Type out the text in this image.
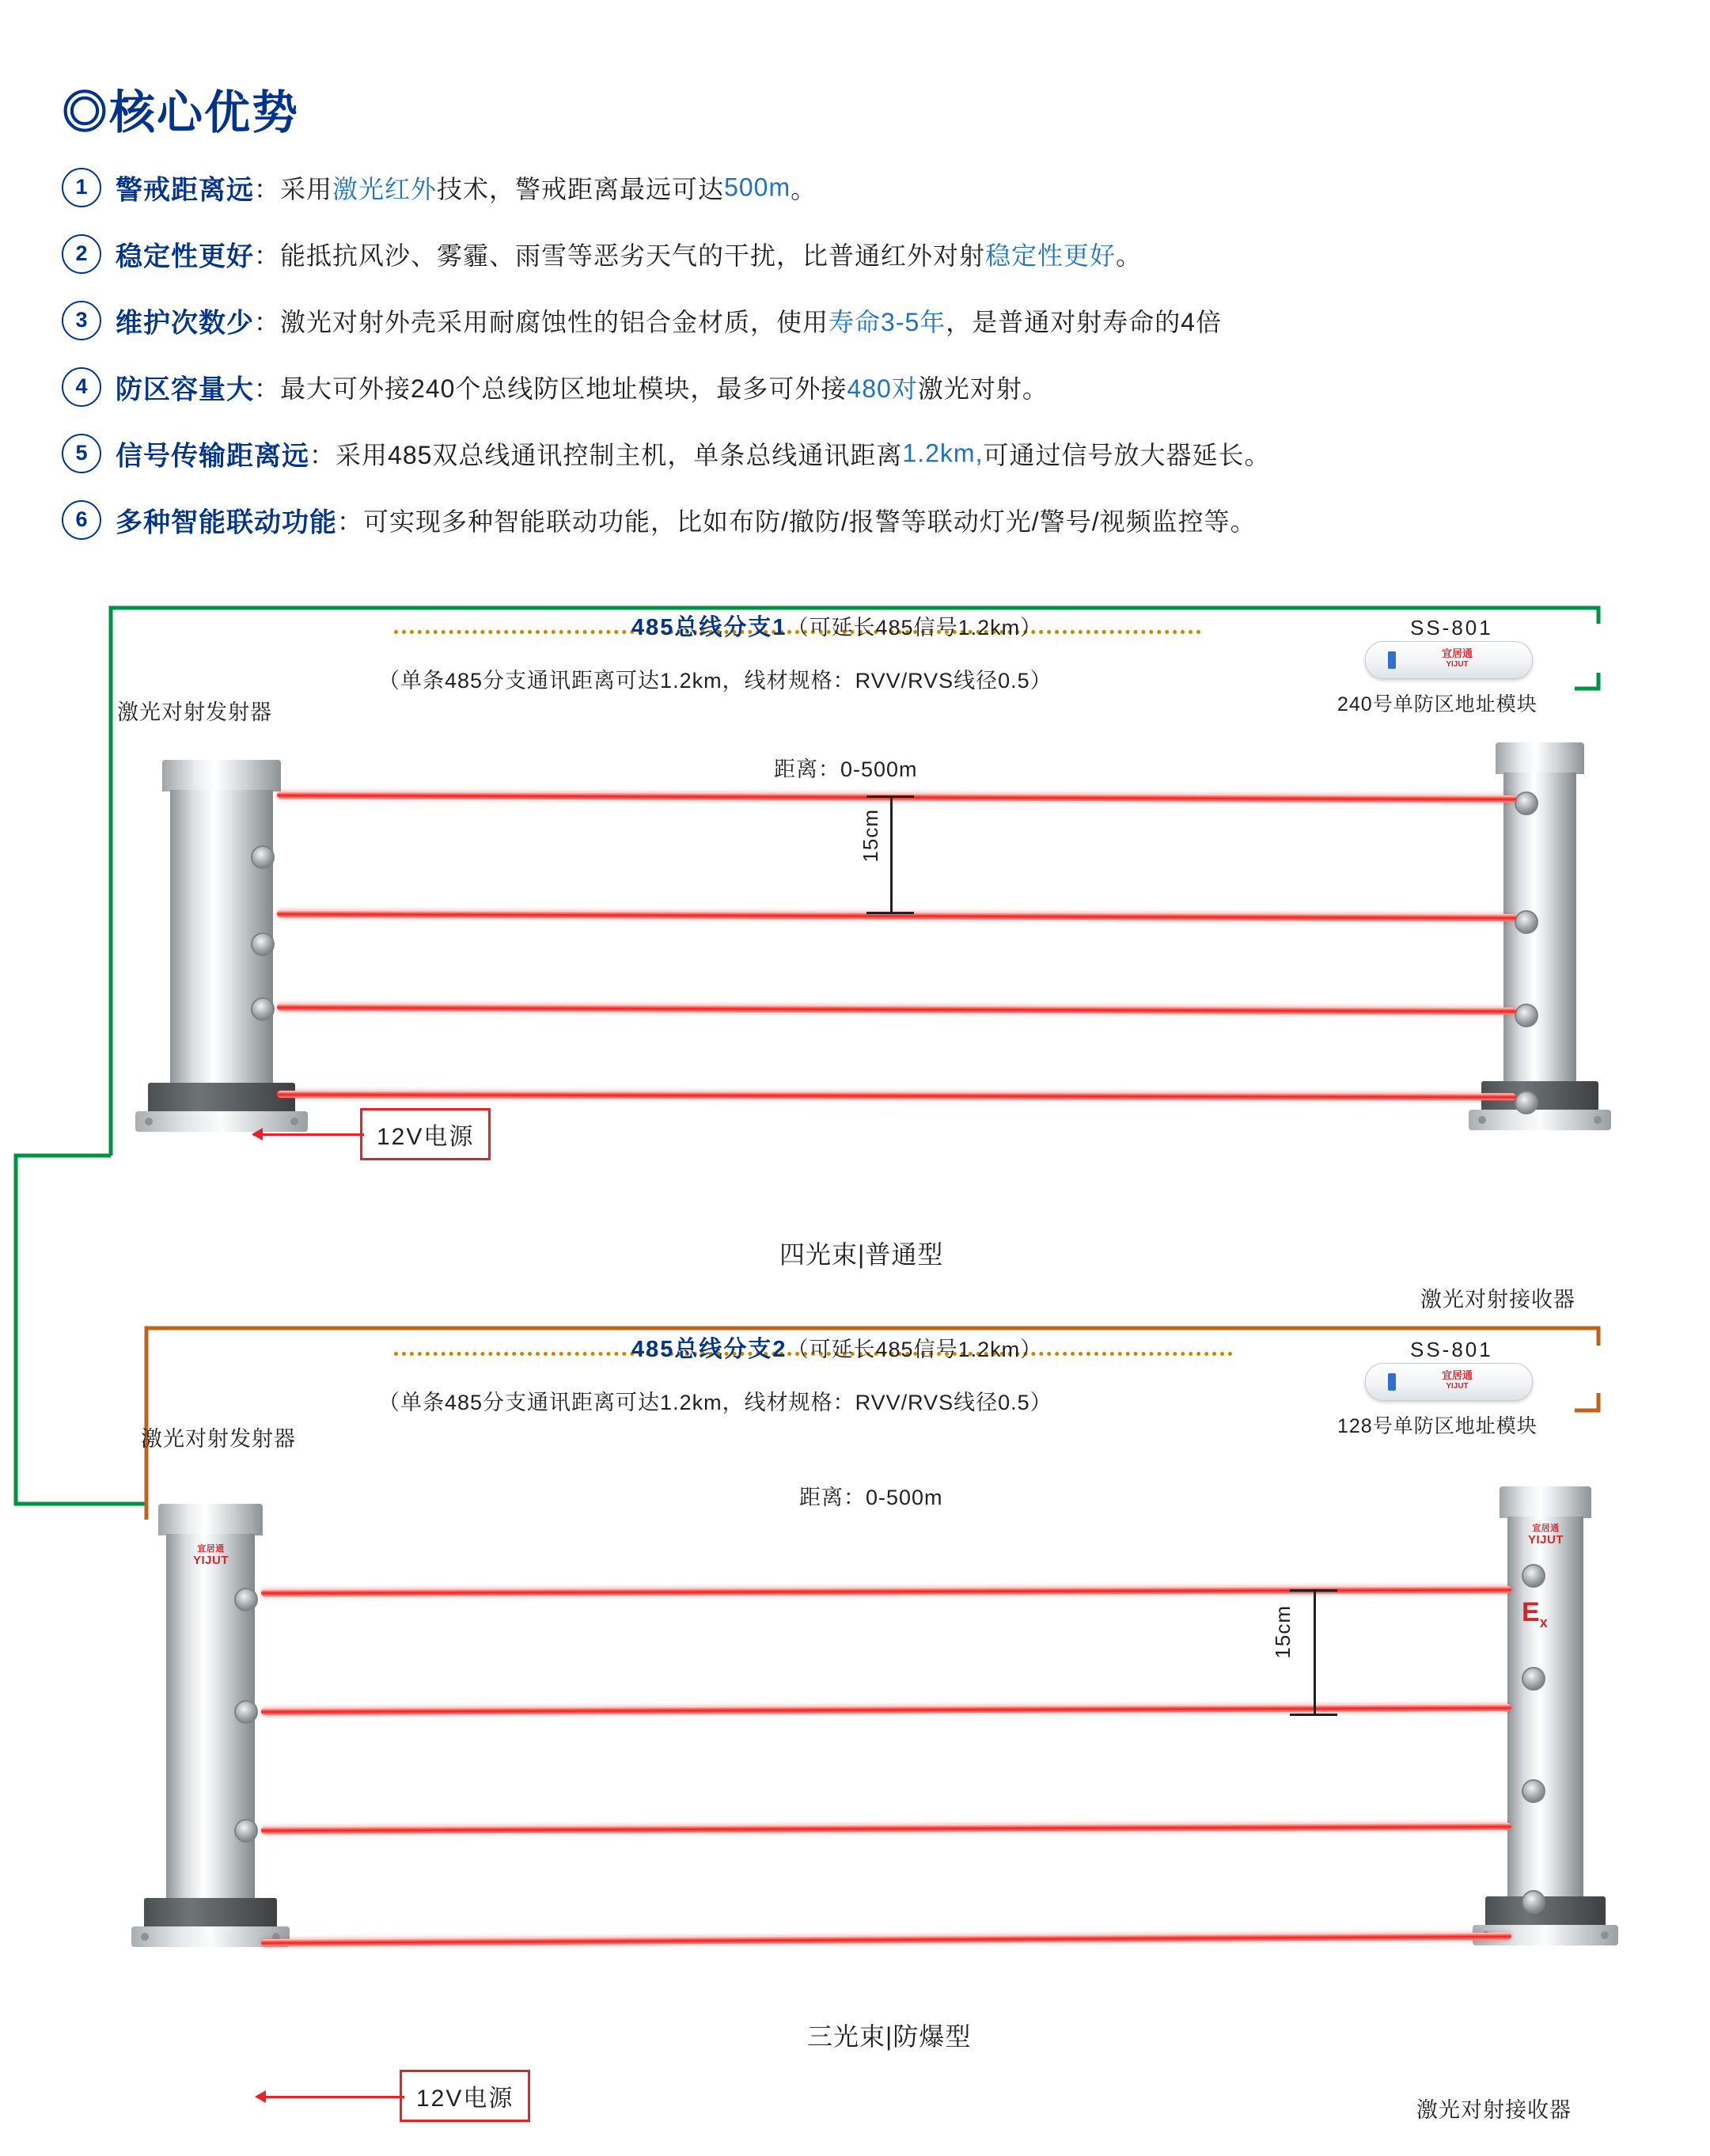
◎核心优势
1 警戒距离远：采用激光红外技术，警戒距离最远可达500m。
2 稳定性更好：能抵抗风沙、雾霾、雨雪等恶劣天气的干扰，比普通红外对射稳定性更好。
3 维护次数少：激光对射外壳采用耐腐蚀性的铝合金材质，使用寿命3-5年，是普通对射寿命的4倍
4 防区容量大：最大可外接240个总线防区地址模块，最多可外接480对激光对射。
5 信号传输距离远：采用485双总线通讯控制主机，单条总线通讯距离1.2km,可通过信号放大器延长。
6 多种智能联动功能：可实现多种智能联动功能，比如布防/撤防/报警等联动灯光/警号/视频监控等。
485总线分支1（可延长485信号1.2km）
（单条485分支通讯距离可达1.2km，线材规格：RVV/RVS线径0.5）
激光对射发射器
激光对射接收器
SS-801
宜居通
YIJUT
240号单防区地址模块
距离：0-500m
15cm
四光束|普通型
12V电源
485总线分支2（可延长485信号1.2km）
（单条485分支通讯距离可达1.2km，线材规格：RVV/RVS线径0.5）
激光对射发射器
激光对射接收器
SS-801
宜居通
YIJUT
128号单防区地址模块
距离：0-500m
宜居通
YIJUT
宜居通
YIJUT
$E_x$
15cm
三光束|防爆型
12V电源
